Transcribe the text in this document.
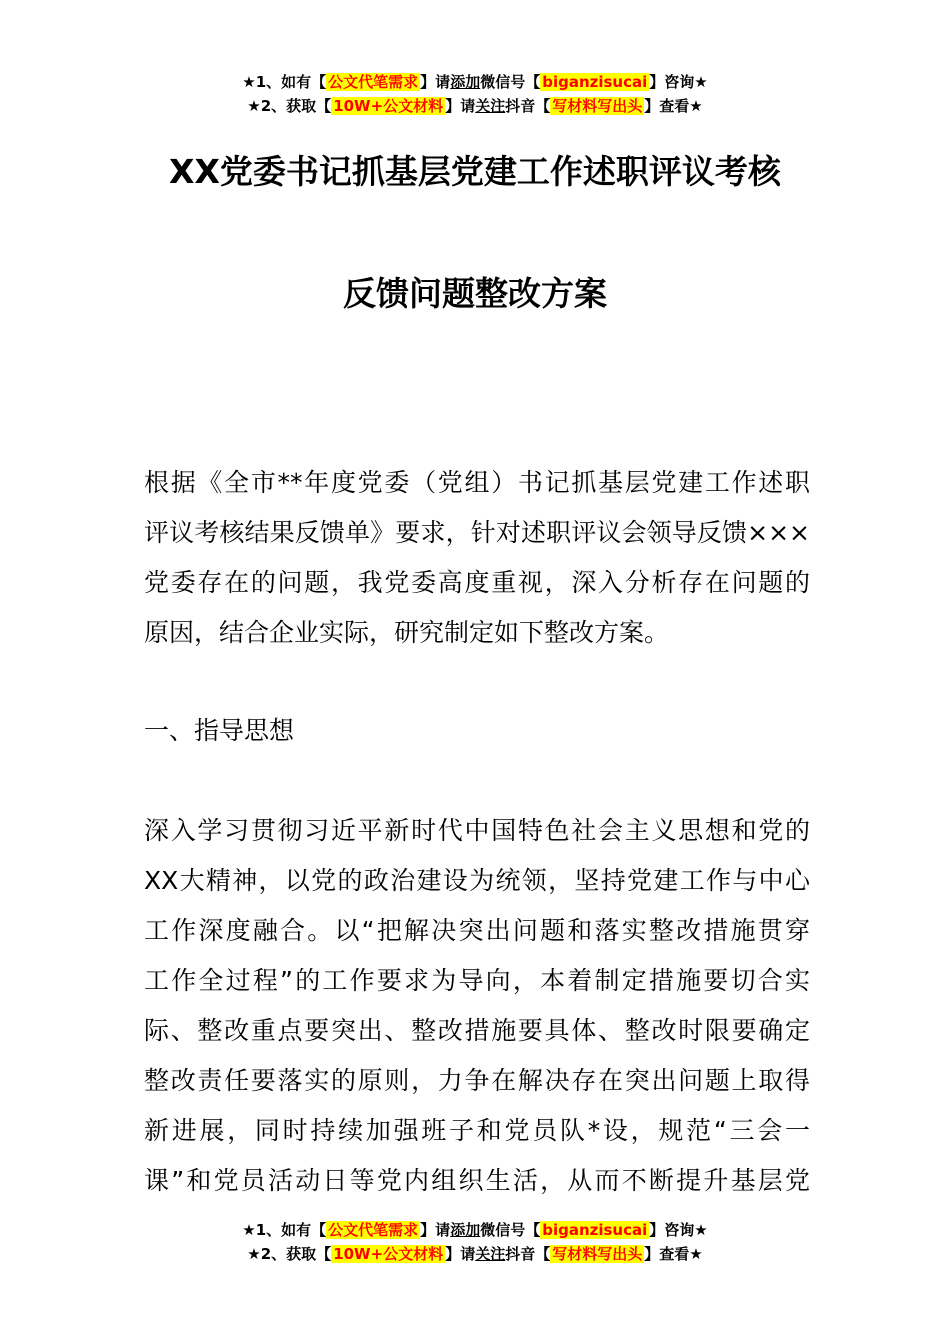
★1、如有【 公文代笔需求 】请添加微信号【 biganzisucai 】咨询★
★2、获取【 10W+公文材料 】请关注抖音【 写材料写出头 】查看★
XX党委书记抓基层党建工作述职评议考核
反馈问题整改方案
根据《全市**年度党委（党组）书记抓基层党建工作述职
评议考核结果反馈单》要求，针对述职评议会领导反馈×××
党委存在的问题，我党委高度重视，深入分析存在问题的
原因，结合企业实际，研究制定如下整改方案。
一、指导思想
深入学习贯彻习近平新时代中国特色社会主义思想和党的
XX大精神，以党的政治建设为统领，坚持党建工作与中心
工作深度融合。以“把解决突出问题和落实整改措施贯穿
工作全过程”的工作要求为导向，本着制定措施要切合实
际、整改重点要突出、整改措施要具体、整改时限要确定
整改责任要落实的原则，力争在解决存在突出问题上取得
新进展，同时持续加强班子和党员队*设，规范“三会一
课”和党员活动日等党内组织生活，从而不断提升基层党
★1、如有【 公文代笔需求 】请添加微信号【 biganzisucai 】咨询★
★2、获取【 10W+公文材料 】请关注抖音【 写材料写出头 】查看★
